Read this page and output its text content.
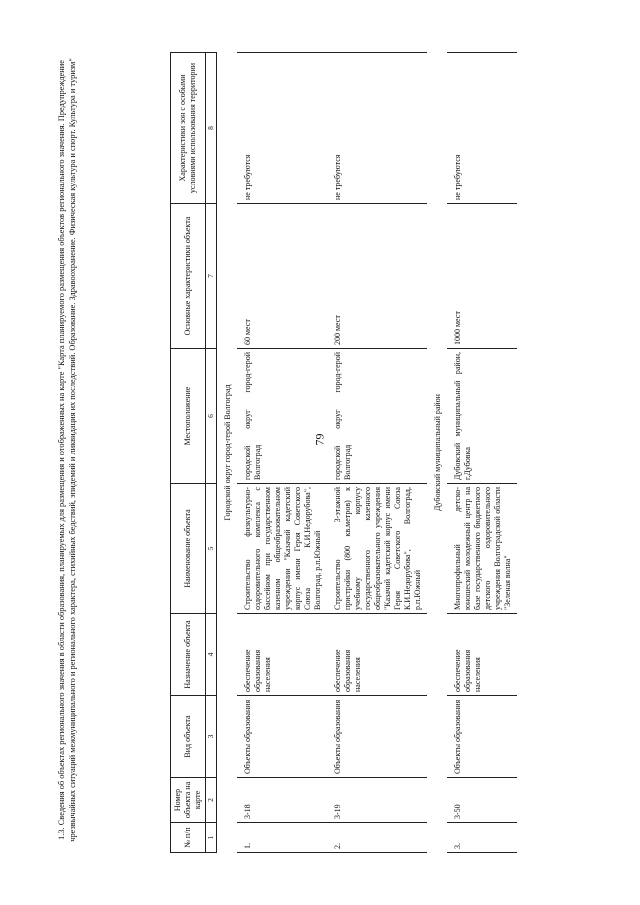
79
1.3. Сведения об объектах регионального значения в области образования, планируемых для размещения и отображенных на карте "Карта планируемого размещения объектов регионального значения. Предупреждение чрезвычайных ситуаций межмуниципального и регионального характера, стихийных бедствий, эпидемий и ликвидация их последствий. Образование. Здравоохранение. Физическая культура и спорт. Культура и туризм"	№ п/п	Номер объекта на карте	Вид объекта	Назначение объекта	Наименование объекта	Местоположение	Основные характеристики объекта	Характеристики зон с особыми условиями использования территории
1	2	3	4	5	6	7	8
Городской округ город-герой Волгоград							
1.	3-18	Объекты образования	обеспечение образования населения	Строительство физкультурно-оздоровительного комплекса с бассейном при государственном казенном общеобразовательном учреждении "Казачий кадетский корпус имени Героя Советского Союза К.И.Недорубова", Волгоград, р.п.Южный	городской округ город-герой Волгоград	60 мест	не требуются
2.	3-19	Объекты образования	обеспечение образования населения	Строительство 3-этажной пристройки (800 кв.метров) к учебному корпусу государственного казенного общеобразовательного учреждения "Казачий кадетский корпус имени Героя Советского Союза К.И.Недорубова", Волгоград, р.п.Южный	городской округ город-герой Волгоград	200 мест	не требуются
Дубовский муниципальный район							
3.	3-50	Объекты образования	обеспечение образования населения	Многопрофильный детско-юношеский молодежный центр на базе государственного бюджетного детского оздоровительного учреждения Волгоградской области "Зеленая волна"	Дубовский муниципальный район, г.Дубовка	1000 мест	не требуются
